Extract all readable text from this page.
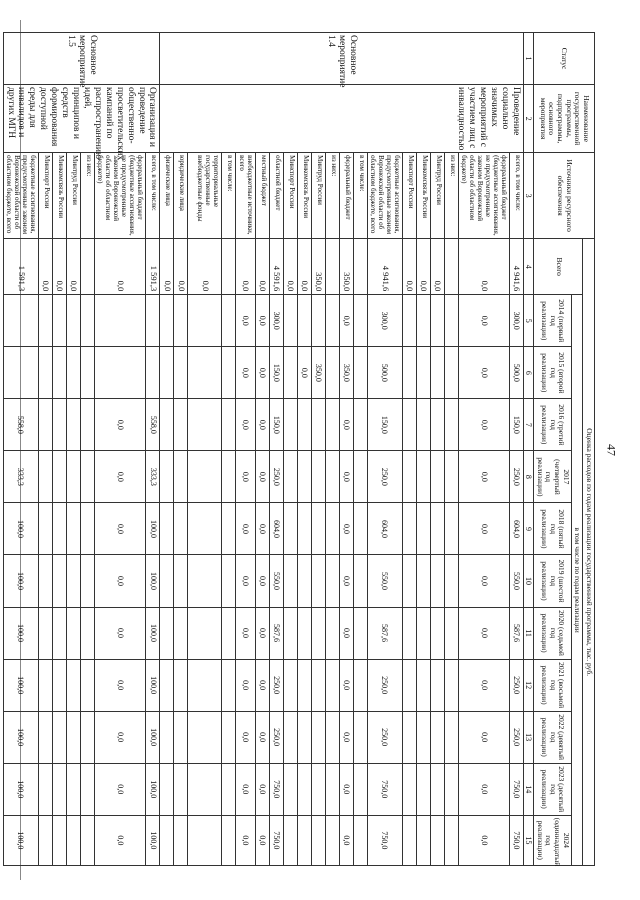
47
Статус	Наименование государственной программы, подпрограммы, основного мероприятия	Источники ресурсного обеспечения	Оценка расходов по годам реализации государственной программы, тыс. руб.											
			Всего	в том числе по годам реализации										
				2014 (первый год реализации)	2015 (второй год реализации)	2016 (третий год реализации)	2017 (четвертый год реализации)	2018 (пятый год реализации)	2019 (шестой год реализации)	2020 (седьмой год реализации)	2021 (восьмой год реализации)	2022 (девятый год реализации)	2023 (десятый год реализации)	2024 (одиннадцатый год реализации)
1	2	3	4	5	6	7	8	9	10	11	12	13	14	15
Основное мероприятие 1.4	Проведение социально значимых мероприятий с участием лиц с инвалидностью	всего, в том числе:	4 941,6	300,0	500,0	150,0	250,0	604,0	550,0	587,6	250,0	250,0	750,0	750,0
		федеральный бюджет (бюджетные ассигнования, не предусмотренные законом Воронежской области об областном бюджете)	0,0	0,0	0,0	0,0	0,0	0,0	0,0	0,0	0,0	0,0	0,0	0,0
		из них:												
		Минтруд России	0,0											
		Минкомсвязь России	0,0											
		Минспорт России	0,0											
		бюджетные ассигнования, предусмотренные законом Воронежской области об областном бюджете, всего	4 941,6	300,0	500,0	150,0	250,0	604,0	550,0	587,6	250,0	250,0	750,0	750,0
		в том числе:												
		федеральный бюджет	350,0	0,0	350,0	0,0	0,0	0,0	0,0	0,0	0,0	0,0	0,0	0,0
		из них:												
		Минтруд России	350,0		350,0									
		Минкомсвязь России	0,0		0,0									
		Минспорт России	0,0											
		областной бюджет	4 591,6	300,0	150,0	150,0	250,0	604,0	550,0	587,6	250,0	250,0	750,0	750,0
		местный бюджет	0,0	0,0	0,0	0,0	0,0	0,0	0,0	0,0	0,0	0,0	0,0	0,0
		внебюджетные источники, всего	0,0	0,0	0,0	0,0	0,0	0,0	0,0	0,0	0,0	0,0	0,0	0,0
		в том числе:												
		территориальные государственные внебюджетные фонды	0,0											
		юридические лица	0,0											
		физические лица	0,0											
Основное мероприятие 1.5	Организация и проведение общественно-просветительских кампаний по распространению идей, принципов и средств формирования доступной среды для инвалидов и других МГН	всего, в том числе:	1 591,3			558,0	333,3	100,0	100,0	100,0	100,0	100,0	100,0	100,0
		федеральный бюджет (бюджетные ассигнования, не предусмотренные законом Воронежской области об областном бюджете)	0,0			0,0	0,0	0,0	0,0	0,0	0,0	0,0	0,0	0,0
		из них:												
		Минтруд России	0,0											
		Минкомсвязь России	0,0											
		Минспорт России	0,0											
		бюджетные ассигнования, предусмотренные законом Воронежской области об областном бюджете, всего	1 591,3			558,0	333,3	100,0	100,0	100,0	100,0	100,0	100,0	100,0
